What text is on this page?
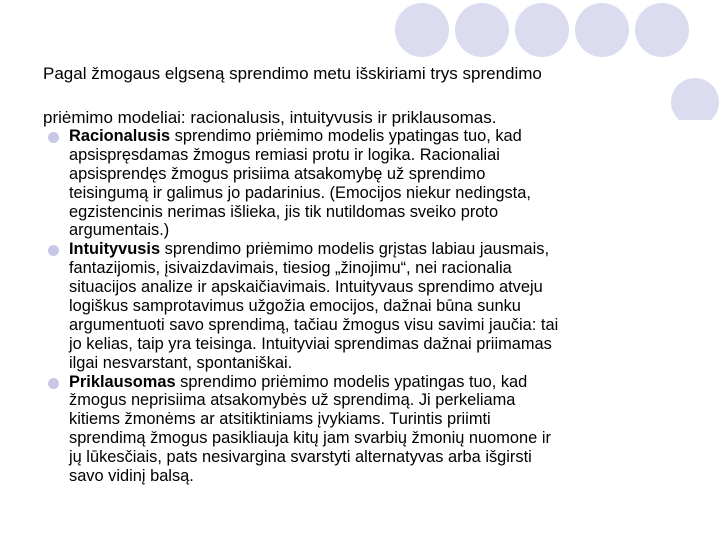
Pagal žmogaus elgseną sprendimo metu išskiriami trys sprendimo
priėmimo modeliai: racionalusis, intuityvusis ir priklausomas.
Racionalusis sprendimo priėmimo modelis ypatingas tuo, kad
apsispręsdamas žmogus remiasi protu ir logika. Racionaliai
apsisprendęs žmogus prisiima atsakomybę už sprendimo
teisingumą ir galimus jo padarinius. (Emocijos niekur nedingsta,
egzistencinis nerimas išlieka, jis tik nutildomas sveiko proto
argumentais.)
Intuityvusis sprendimo priėmimo modelis grįstas labiau jausmais,
fantazijomis, įsivaizdavimais, tiesiog „žinojimu“, nei racionalia
situacijos analize ir apskaičiavimais. Intuityvaus sprendimo atveju
logiškus samprotavimus užgožia emocijos, dažnai būna sunku
argumentuoti savo sprendimą, tačiau žmogus visu savimi jaučia: tai
jo kelias, taip yra teisinga. Intuityviai sprendimas dažnai priimamas
ilgai nesvarstant, spontaniškai.
Priklausomas sprendimo priėmimo modelis ypatingas tuo, kad
žmogus neprisiima atsakomybės už sprendimą. Ji perkeliama
kitiems žmonėms ar atsitiktiniams įvykiams. Turintis priimti
sprendimą žmogus pasikliauja kitų jam svarbių žmonių nuomone ir
jų lūkesčiais, pats nesivargina svarstyti alternatyvas arba išgirsti
savo vidinį balsą.
